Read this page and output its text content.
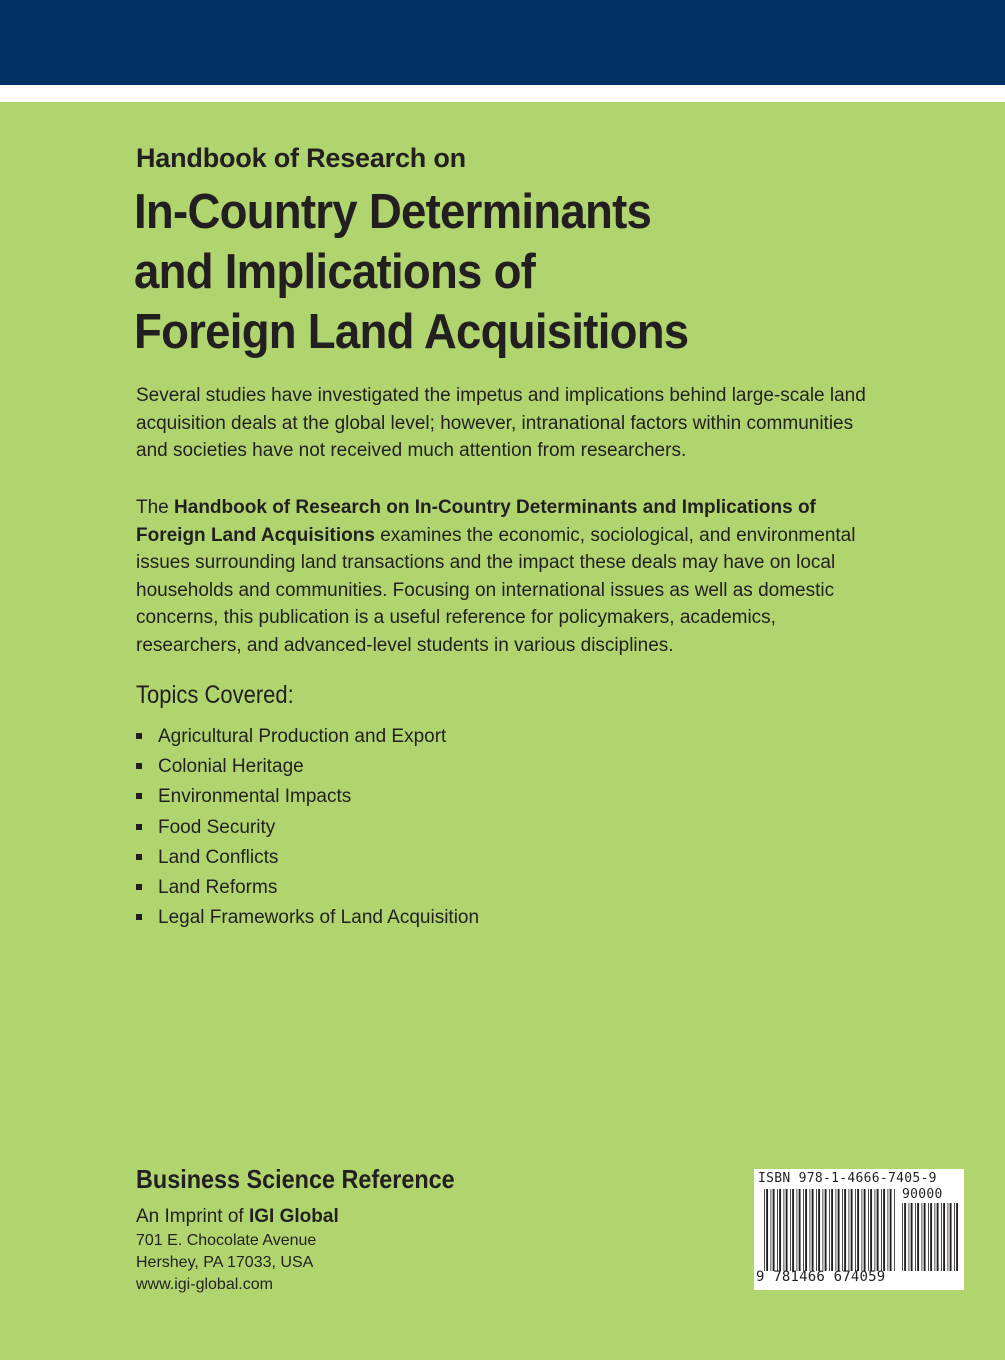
Handbook of Research on
In-Country Determinants
and Implications of
Foreign Land Acquisitions
Several studies have investigated the impetus and implications behind large-scale land acquisition deals at the global level; however, intranational factors within communities and societies have not received much attention from researchers.
The Handbook of Research on In-Country Determinants and Implications of Foreign Land Acquisitions examines the economic, sociological, and environmental issues surrounding land transactions and the impact these deals may have on local households and communities. Focusing on international issues as well as domestic concerns, this publication is a useful reference for policymakers, academics, researchers, and advanced-level students in various disciplines.
Topics Covered:
Agricultural Production and Export
Colonial Heritage
Environmental Impacts
Food Security
Land Conflicts
Land Reforms
Legal Frameworks of Land Acquisition
Business Science Reference
An Imprint of IGI Global
701 E. Chocolate Avenue
Hershey, PA 17033, USA
www.igi-global.com
ISBN 978-1-4666-7405-9
90000
9 781466 674059
